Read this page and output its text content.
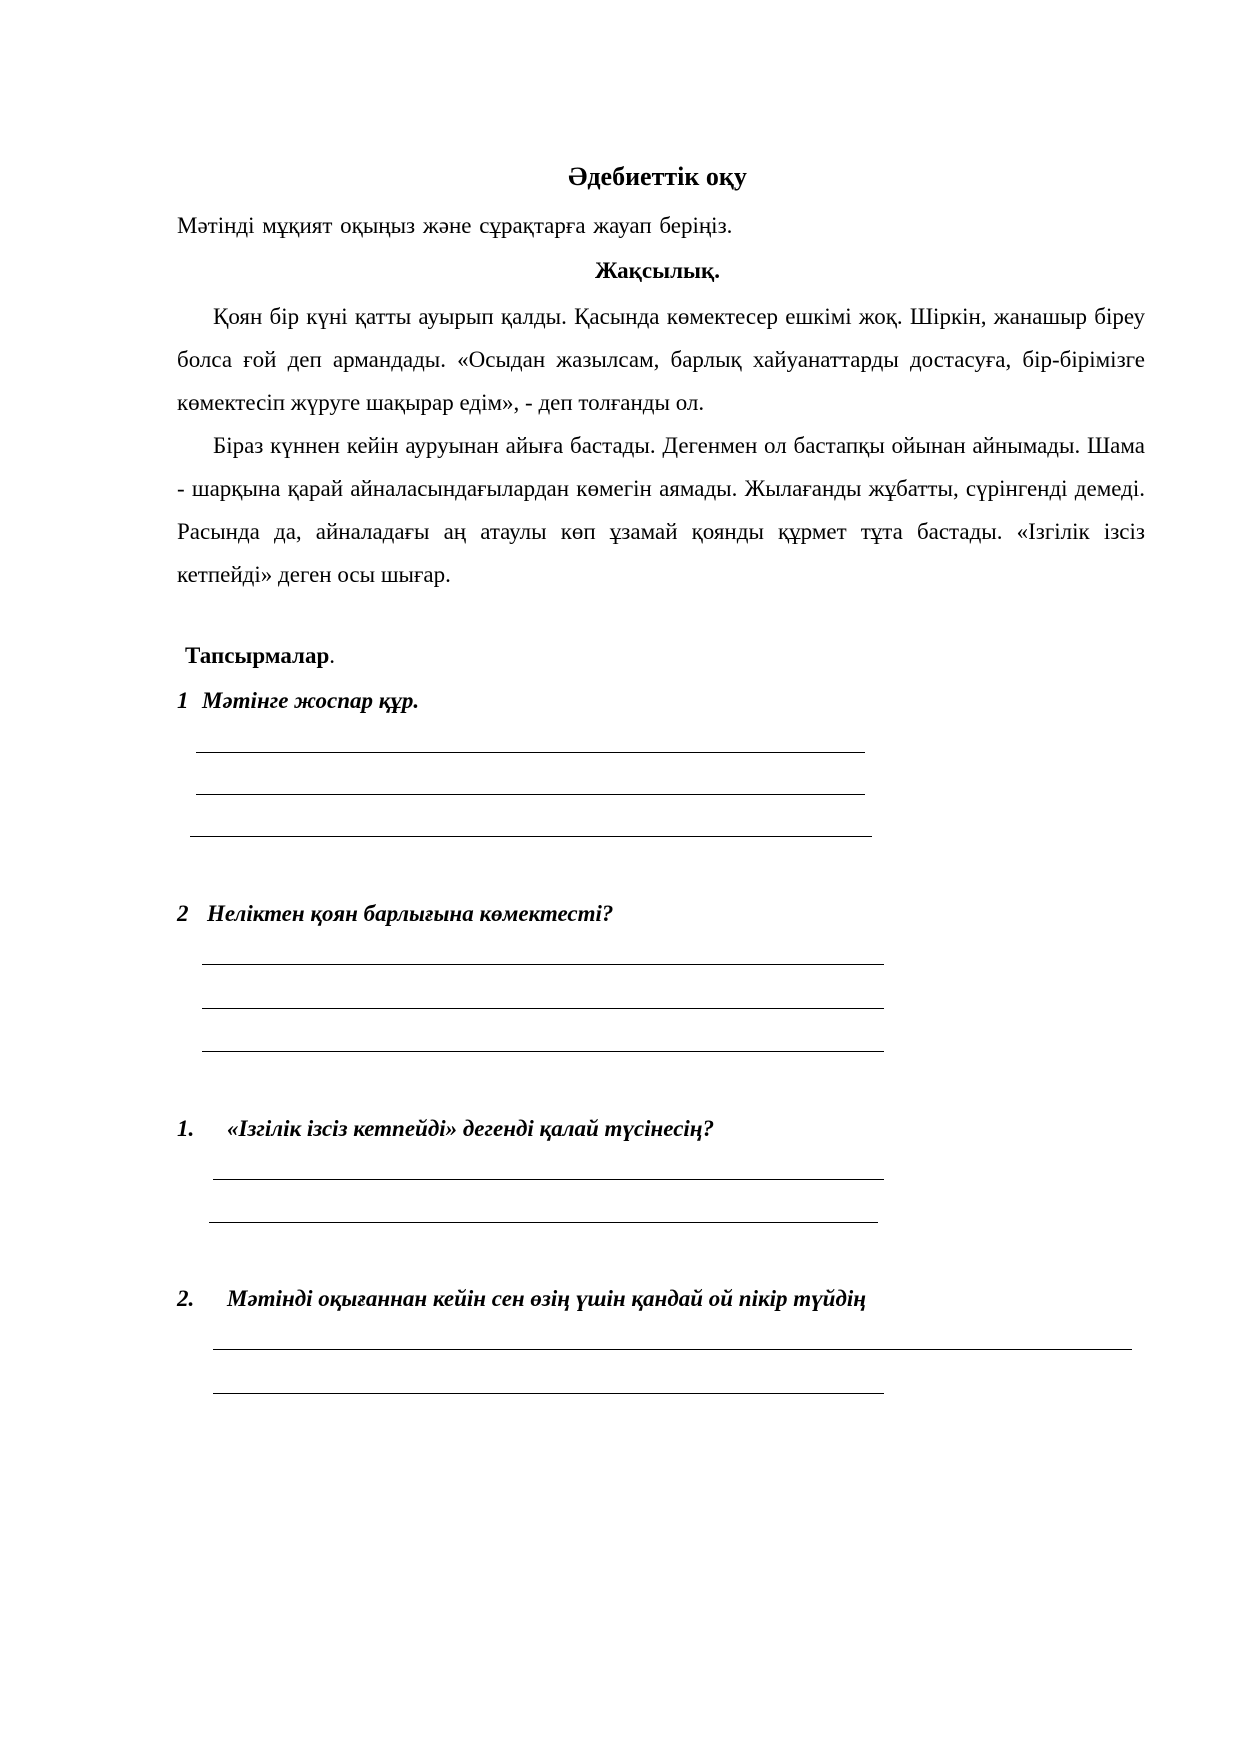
Әдебиеттік оқу
Мәтінді мұқият оқыңыз және сұрақтарға жауап беріңіз.
Жақсылық.

Қоян бір күні қатты ауырып қалды. Қасында көмектесер ешкімі жоқ. Шіркін, жанашыр біреу болса ғой деп армандады. «Осыдан жазылсам, барлық хайуанаттарды достасуға, бір-бірімізге көмектесіп жүруге шақырар едім», - деп толғанды ол.

Біраз күннен кейін ауруынан айыға бастады. Дегенмен ол бастапқы ойынан айнымады. Шама - шарқына қарай айналасындағылардан көмегін аямады. Жылағанды жұбатты, сүрінгенді демеді. Расында да, айналадағы аң атаулы көп ұзамай қоянды құрмет тұта бастады. «Ізгілік ізсіз кетпейді» деген осы шығар.

Тапсырмалар.
1 Мәтінге жоспар құр.
2 Неліктен қоян барлығына көмектесті?
1. «Ізгілік ізсіз кетпейді» дегенді қалай түсінесің?
2. Мәтінді оқығаннан кейін сен өзің үшін қандай ой пікір түйдің
